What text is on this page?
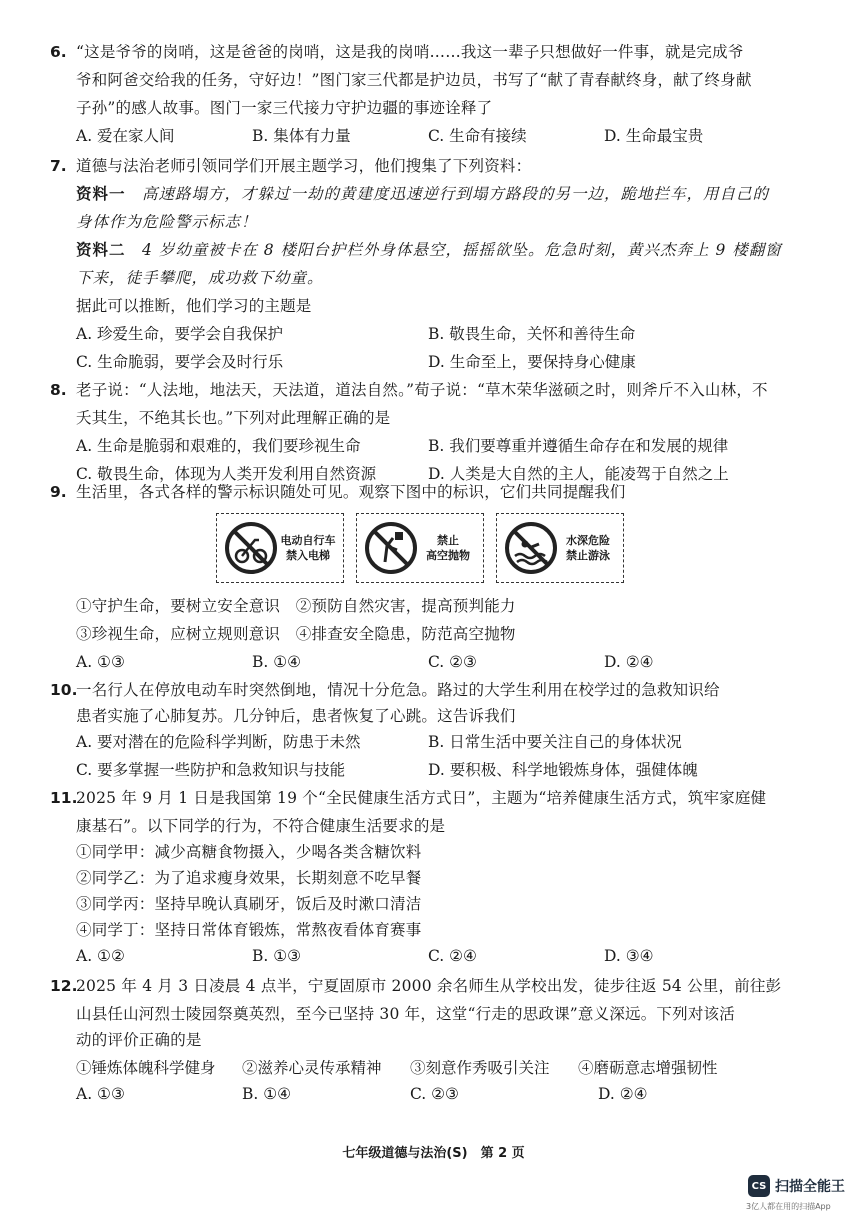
6. “这是爷爷的岗哨，这是爸爸的岗哨，这是我的岗哨……我这一辈子只想做好一件事，就是完成爷
爷和阿爸交给我的任务，守好边！”图门家三代都是护边员，书写了“献了青春献终身，献了终身献
子孙”的感人故事。图门一家三代接力守护边疆的事迹诠释了
A. 爱在家人间	B. 集体有力量	C. 生命有接续	D. 生命最宝贵
7. 道德与法治老师引领同学们开展主题学习，他们搜集了下列资料：
资料一　 高速路塌方，才躲过一劫的黄建度迅速逆行到塌方路段的另一边，跪地拦车，用自己的
身体作为危险警示标志！
资料二　 4 岁幼童被卡在 8 楼阳台护栏外身体悬空，摇摇欲坠。危急时刻，黄兴杰奔上 9 楼翻窗
下来，徒手攀爬，成功救下幼童。
据此可以推断，他们学习的主题是
A. 珍爱生命，要学会自我保护	B. 敬畏生命，关怀和善待生命
C. 生命脆弱，要学会及时行乐	D. 生命至上，要保持身心健康
8. 老子说：“人法地，地法天，天法道，道法自然。”荀子说：“草木荣华滋硕之时，则斧斤不入山林，不
夭其生，不绝其长也。”下列对此理解正确的是
A. 生命是脆弱和艰难的，我们要珍视生命	B. 我们要尊重并遵循生命存在和发展的规律
C. 敬畏生命，体现为人类开发利用自然资源	D. 人类是大自然的主人，能凌驾于自然之上
9. 生活里，各式各样的警示标识随处可见。观察下图中的标识，它们共同提醒我们
电动自行车
禁入电梯
禁止
高空抛物
水深危险
禁止游泳
①守护生命，要树立安全意识　②预防自然灾害，提高预判能力
③珍视生命，应树立规则意识　④排查安全隐患，防范高空抛物
A. ①③	B. ①④	C. ②③	D. ②④
10.
一名行人在停放电动车时突然倒地，情况十分危急。路过的大学生利用在校学过的急救知识给
患者实施了心肺复苏。几分钟后，患者恢复了心跳。这告诉我们
A. 要对潜在的危险科学判断，防患于未然	B. 日常生活中要关注自己的身体状况
C. 要多掌握一些防护和急救知识与技能	D. 要积极、科学地锻炼身体，强健体魄
11.
2025 年 9 月 1 日是我国第 19 个“全民健康生活方式日”，主题为“培养健康生活方式，筑牢家庭健
康基石”。以下同学的行为，不符合健康生活要求的是
①同学甲：减少高糖食物摄入，少喝各类含糖饮料
②同学乙：为了追求瘦身效果，长期刻意不吃早餐
③同学丙：坚持早晚认真刷牙，饭后及时漱口清洁
④同学丁：坚持日常体育锻炼，常熬夜看体育赛事
A. ①②	B. ①③	C. ②④	D. ③④
12.
2025 年 4 月 3 日凌晨 4 点半，宁夏固原市 2000 余名师生从学校出发，徒步往返 54 公里，前往彭
山县任山河烈士陵园祭奠英烈，至今已坚持 30 年，这堂“行走的思政课”意义深远。下列对该活
动的评价正确的是
①锤炼体魄科学健身 ②滋养心灵传承精神 ③刻意作秀吸引关注 ④磨砺意志增强韧性
A. ①③	B. ①④	C. ②③	D. ②④
七年级道德与法治(S)　第 2 页
CS 扫描全能王
3亿人都在用的扫描App
